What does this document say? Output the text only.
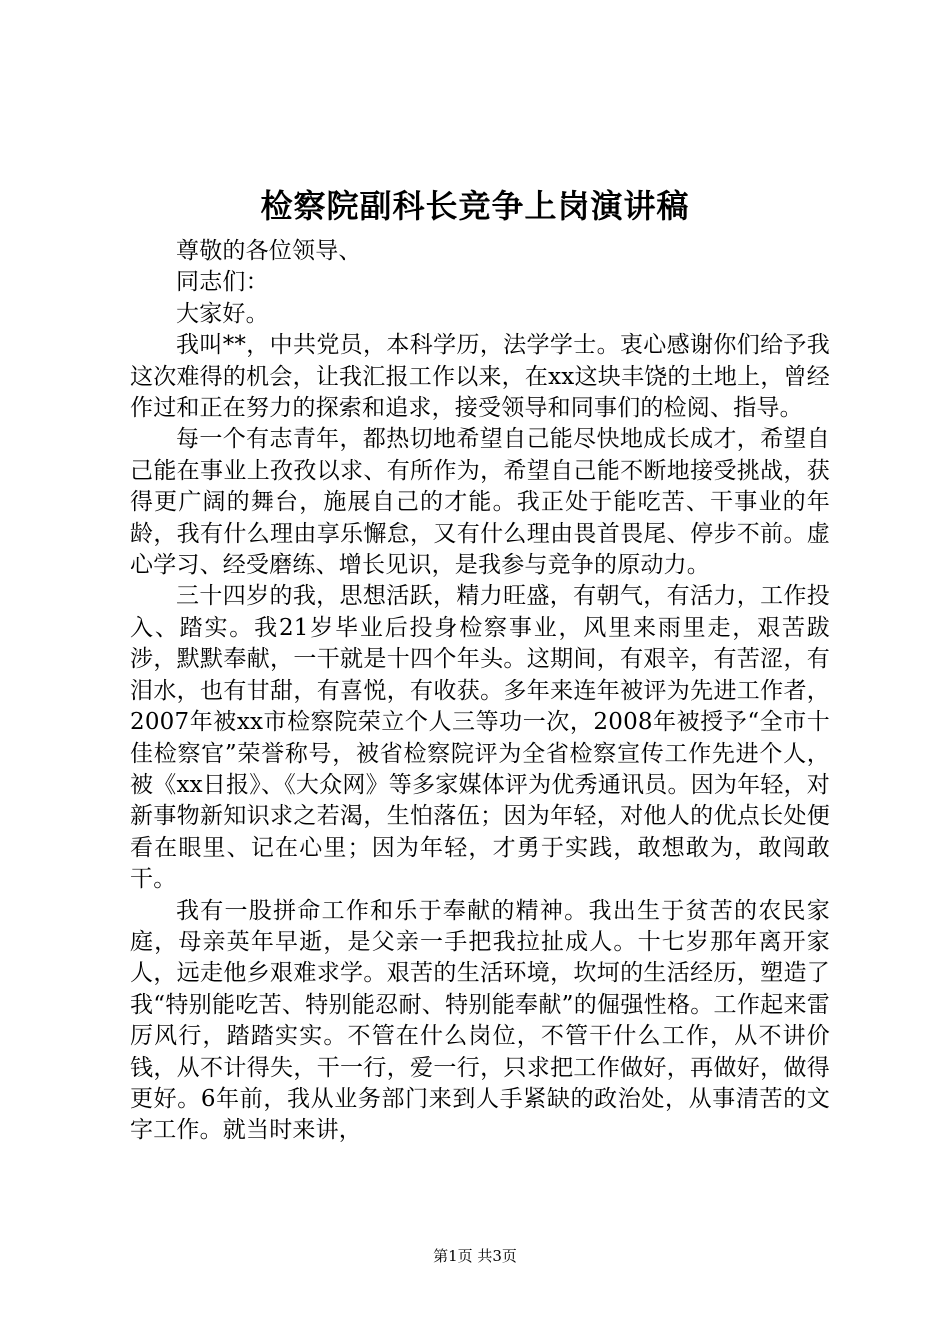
检察院副科长竞争上岗演讲稿

尊敬的各位领导、

同志们：

大家好。

我叫**，中共党员，本科学历，法学学士。衷心感谢你们给予我这次难得的机会，让我汇报工作以来，在xx这块丰饶的土地上，曾经作过和正在努力的探索和追求，接受领导和同事们的检阅、指导。

每一个有志青年，都热切地希望自己能尽快地成长成才，希望自己能在事业上孜孜以求、有所作为，希望自己能不断地接受挑战，获得更广阔的舞台，施展自己的才能。我正处于能吃苦、干事业的年龄，我有什么理由享乐懈怠，又有什么理由畏首畏尾、停步不前。虚心学习、经受磨练、增长见识，是我参与竞争的原动力。

三十四岁的我，思想活跃，精力旺盛，有朝气，有活力，工作投入、踏实。我21岁毕业后投身检察事业，风里来雨里走，艰苦跋涉，默默奉献，一干就是十四个年头。这期间，有艰辛，有苦涩，有泪水，也有甘甜，有喜悦，有收获。多年来连年被评为先进工作者，2007年被xx市检察院荣立个人三等功一次，2008年被授予“全市十佳检察官”荣誉称号，被省检察院评为全省检察宣传工作先进个人，被《xx日报》、《大众网》等多家媒体评为优秀通讯员。因为年轻，对新事物新知识求之若渴，生怕落伍；因为年轻，对他人的优点长处便看在眼里、记在心里；因为年轻，才勇于实践，敢想敢为，敢闯敢干。

我有一股拼命工作和乐于奉献的精神。我出生于贫苦的农民家庭，母亲英年早逝，是父亲一手把我拉扯成人。十七岁那年离开家人，远走他乡艰难求学。艰苦的生活环境，坎坷的生活经历，塑造了我“特别能吃苦、特别能忍耐、特别能奉献”的倔强性格。工作起来雷厉风行，踏踏实实。不管在什么岗位，不管干什么工作，从不讲价钱，从不计得失，干一行，爱一行，只求把工作做好，再做好，做得更好。6年前，我从业务部门来到人手紧缺的政治处，从事清苦的文字工作。就当时来讲，

第1页 共3页
